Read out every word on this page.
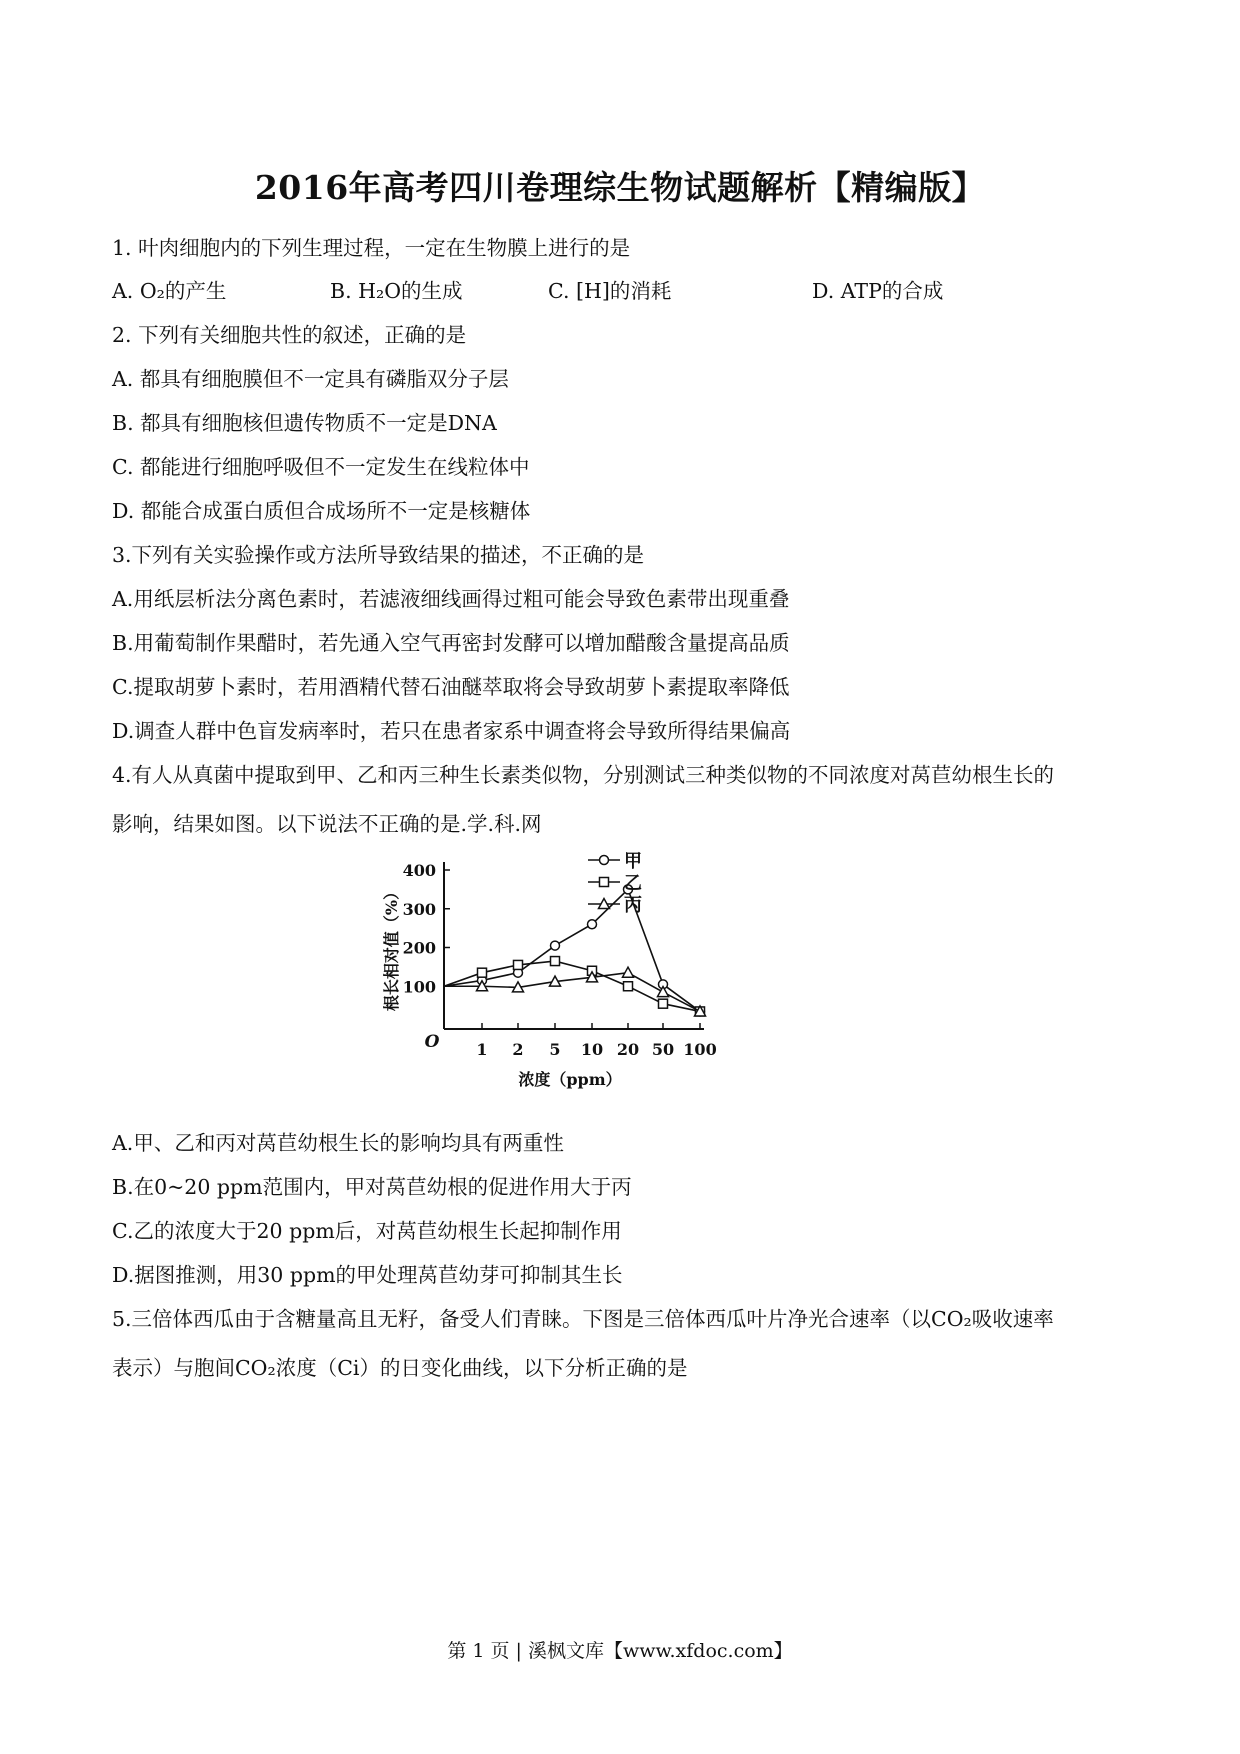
2016年高考四川卷理综生物试题解析【精编版】
1. 叶肉细胞内的下列生理过程，一定在生物膜上进行的是
A. O₂的产生	B. H₂O的生成	C. [H]的消耗	D. ATP的合成
2. 下列有关细胞共性的叙述，正确的是
A. 都具有细胞膜但不一定具有磷脂双分子层
B. 都具有细胞核但遗传物质不一定是DNA
C. 都能进行细胞呼吸但不一定发生在线粒体中
D. 都能合成蛋白质但合成场所不一定是核糖体
3.下列有关实验操作或方法所导致结果的描述，不正确的是
A.用纸层析法分离色素时，若滤液细线画得过粗可能会导致色素带出现重叠
B.用葡萄制作果醋时，若先通入空气再密封发酵可以增加醋酸含量提高品质
C.提取胡萝卜素时，若用酒精代替石油醚萃取将会导致胡萝卜素提取率降低
D.调查人群中色盲发病率时，若只在患者家系中调查将会导致所得结果偏高
4.有人从真菌中提取到甲、乙和丙三种生长素类似物，分别测试三种类似物的不同浓度对莴苣幼根生长的
影响，结果如图。以下说法不正确的是.学.科.网
100
200
300
400
1 2 5 10 20 50 100
O
浓度（ppm）
根长相对值（%）
甲
乙
丙
A.甲、乙和丙对莴苣幼根生长的影响均具有两重性
B.在0~20 ppm范围内，甲对莴苣幼根的促进作用大于丙
C.乙的浓度大于20 ppm后，对莴苣幼根生长起抑制作用
D.据图推测，用30 ppm的甲处理莴苣幼芽可抑制其生长
5.三倍体西瓜由于含糖量高且无籽，备受人们青睐。下图是三倍体西瓜叶片净光合速率（以CO₂吸收速率
表示）与胞间CO₂浓度（Ci）的日变化曲线，以下分析正确的是
第 1 页 | 溪枫文库【www.xfdoc.com】
